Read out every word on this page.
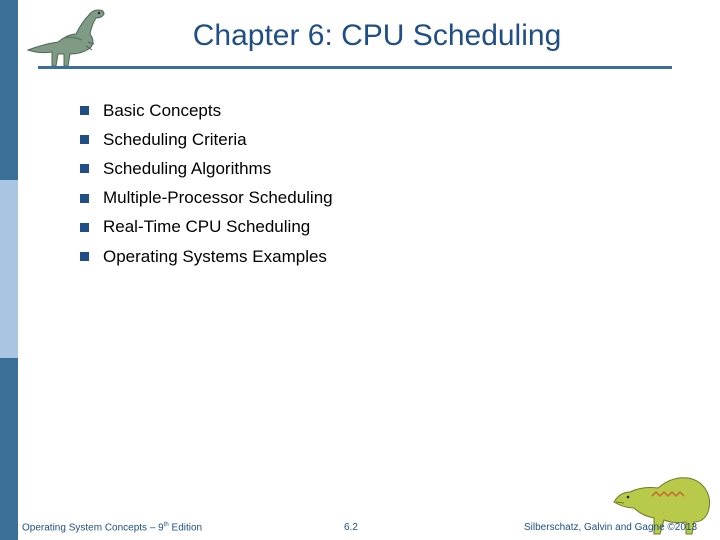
Chapter 6: CPU Scheduling
Basic Concepts
Scheduling Criteria
Scheduling Algorithms
Multiple-Processor Scheduling
Real-Time CPU Scheduling
Operating Systems Examples
Operating System Concepts – 9th Edition	6.2	Silberschatz, Galvin and Gagne ©2013
